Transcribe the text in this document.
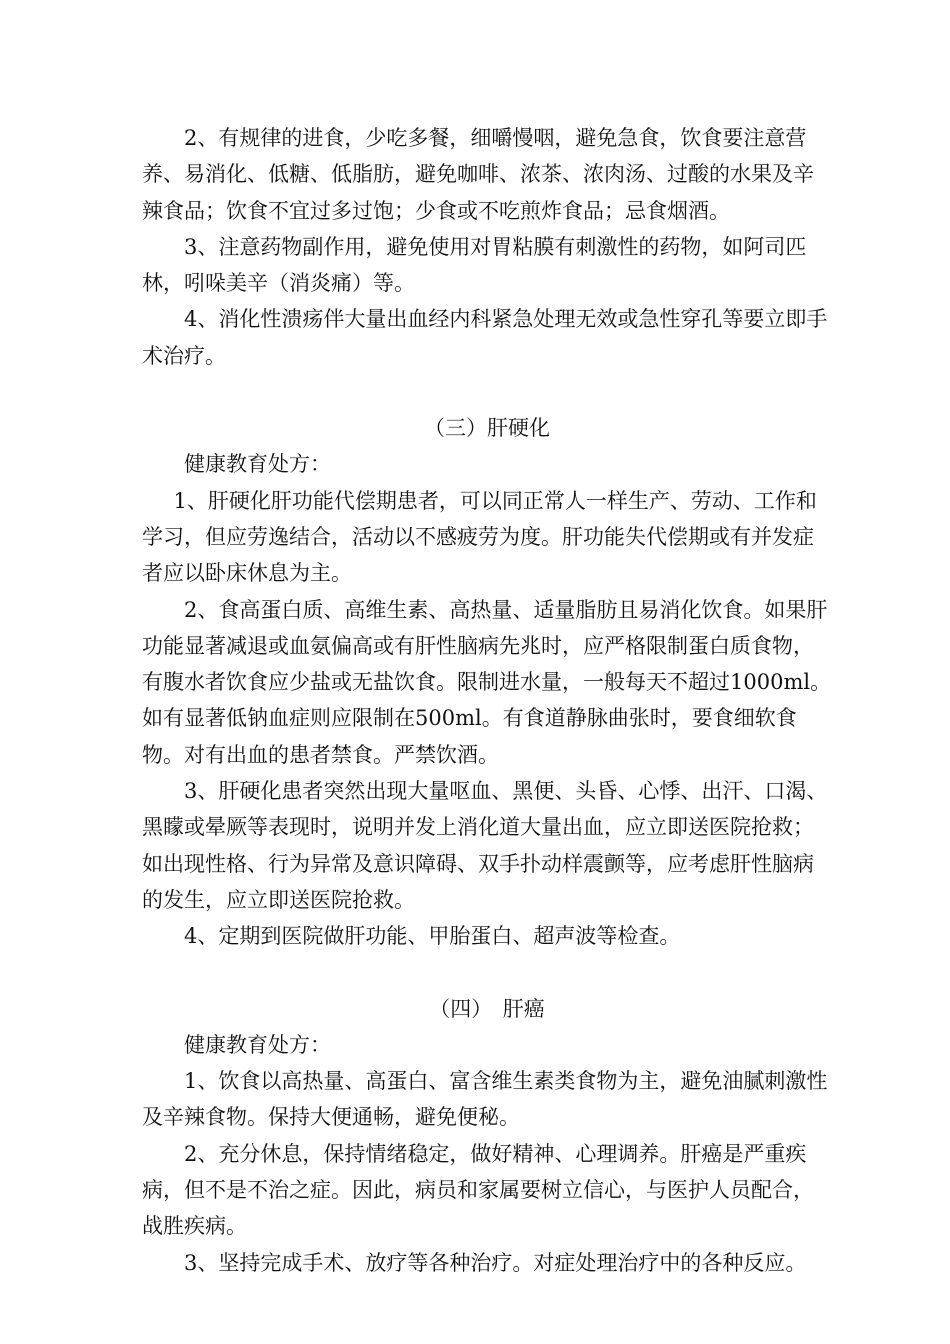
2、有规律的进食，少吃多餐，细嚼慢咽，避免急食，饮食要注意营养、易消化、低糖、低脂肪，避免咖啡、浓茶、浓肉汤、过酸的水果及辛辣食品；饮食不宜过多过饱；少食或不吃煎炸食品；忌食烟酒。

3、注意药物副作用，避免使用对胃粘膜有刺激性的药物，如阿司匹林，吲哚美辛（消炎痛）等。

4、消化性溃疡伴大量出血经内科紧急处理无效或急性穿孔等要立即手术治疗。

（三）肝硬化

健康教育处方：

1、肝硬化肝功能代偿期患者，可以同正常人一样生产、劳动、工作和学习，但应劳逸结合，活动以不感疲劳为度。肝功能失代偿期或有并发症者应以卧床休息为主。

2、食高蛋白质、高维生素、高热量、适量脂肪且易消化饮食。如果肝功能显著减退或血氨偏高或有肝性脑病先兆时，应严格限制蛋白质食物，有腹水者饮食应少盐或无盐饮食。限制进水量，一般每天不超过1000ml。如有显著低钠血症则应限制在500ml。有食道静脉曲张时，要食细软食物。对有出血的患者禁食。严禁饮酒。

3、肝硬化患者突然出现大量呕血、黑便、头昏、心悸、出汗、口渴、黑矇或晕厥等表现时，说明并发上消化道大量出血，应立即送医院抢救；如出现性格、行为异常及意识障碍、双手扑动样震颤等，应考虑肝性脑病的发生，应立即送医院抢救。

4、定期到医院做肝功能、甲胎蛋白、超声波等检查。

（四）　肝癌

健康教育处方：

1、饮食以高热量、高蛋白、富含维生素类食物为主，避免油腻刺激性及辛辣食物。保持大便通畅，避免便秘。

2、充分休息，保持情绪稳定，做好精神、心理调养。肝癌是严重疾病，但不是不治之症。因此，病员和家属要树立信心，与医护人员配合，战胜疾病。

3、坚持完成手术、放疗等各种治疗。对症处理治疗中的各种反应。
